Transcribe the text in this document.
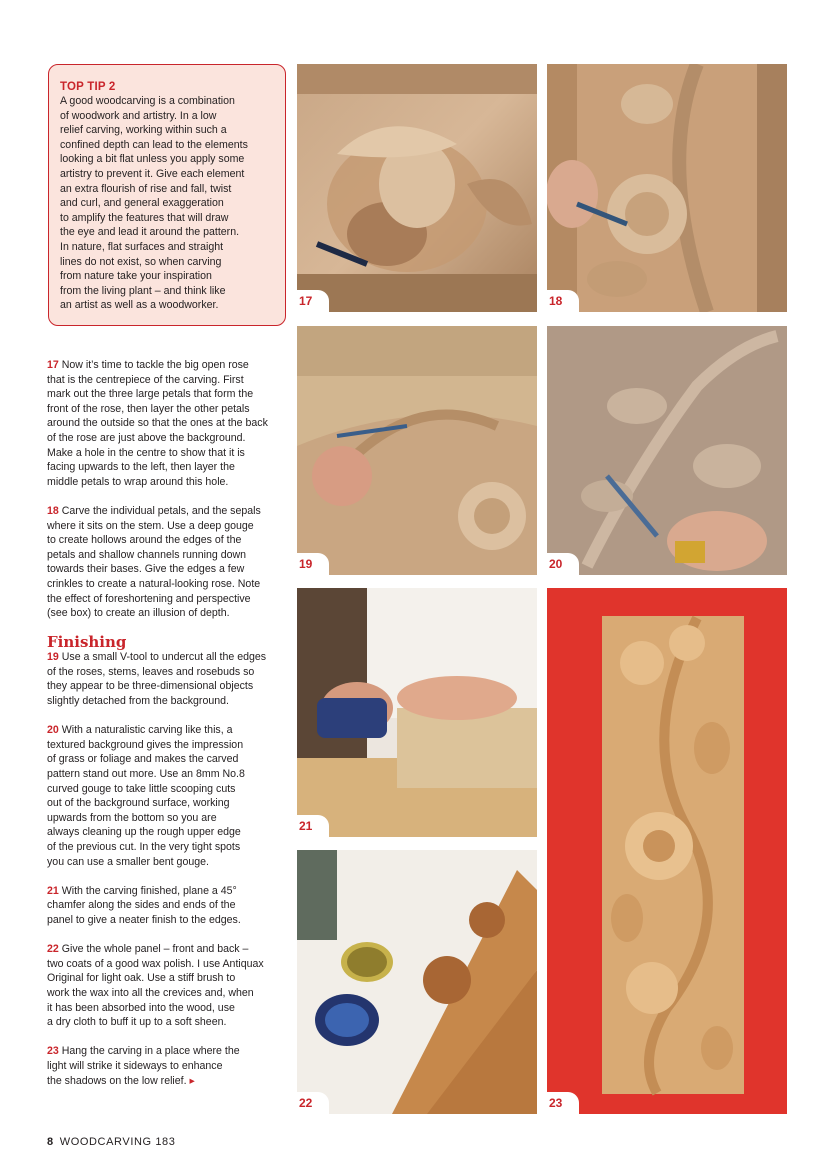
TOP TIP 2
A good woodcarving is a combination
of woodwork and artistry. In a low
relief carving, working within such a
confined depth can lead to the elements
looking a bit flat unless you apply some
artistry to prevent it. Give each element
an extra flourish of rise and fall, twist
and curl, and general exaggeration
to amplify the features that will draw
the eye and lead it around the pattern.
In nature, flat surfaces and straight
lines do not exist, so when carving
from nature take your inspiration
from the living plant – and think like
an artist as well as a woodworker.

17 Now it’s time to tackle the big open rose
that is the centrepiece of the carving. First
mark out the three large petals that form the
front of the rose, then layer the other petals
around the outside so that the ones at the back
of the rose are just above the background.
Make a hole in the centre to show that it is
facing upwards to the left, then layer the
middle petals to wrap around this hole.

18 Carve the individual petals, and the sepals
where it sits on the stem. Use a deep gouge
to create hollows around the edges of the
petals and shallow channels running down
towards their bases. Give the edges a few
crinkles to create a natural-looking rose. Note
the effect of foreshortening and perspective
(see box) to create an illusion of depth.

Finishing

19 Use a small V-tool to undercut all the edges
of the roses, stems, leaves and rosebuds so
they appear to be three-dimensional objects
slightly detached from the background.

20 With a naturalistic carving like this, a
textured background gives the impression
of grass or foliage and makes the carved
pattern stand out more. Use an 8mm No.8
curved gouge to take little scooping cuts
out of the background surface, working
upwards from the bottom so you are
always cleaning up the rough upper edge
of the previous cut. In the very tight spots
you can use a smaller bent gouge.

21 With the carving finished, plane a 45°
chamfer along the sides and ends of the
panel to give a neater finish to the edges.

22 Give the whole panel – front and back –
two coats of a good wax polish. I use Antiquax
Original for light oak. Use a stiff brush to
work the wax into all the crevices and, when
it has been absorbed into the wood, use
a dry cloth to buff it up to a soft sheen.

23 Hang the carving in a place where the
light will strike it sideways to enhance
the shadows on the low relief. ▸

17	18
19	20
21
22	23
8 WOODCARVING 183
